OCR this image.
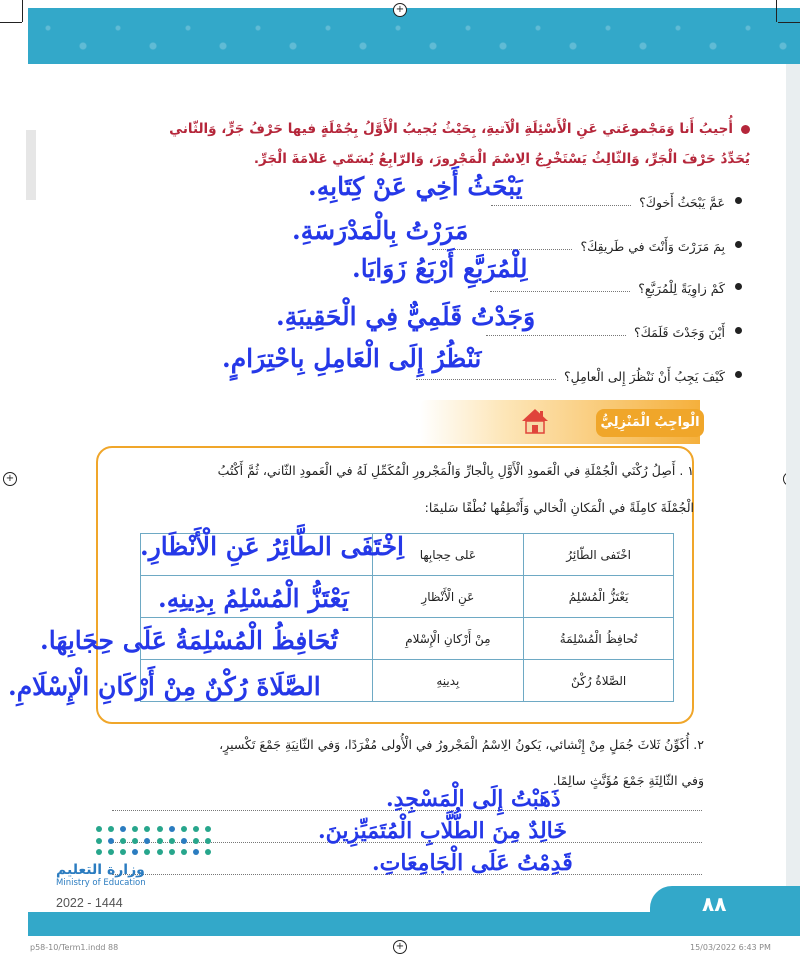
+
+
+
أُجيبُ أَنا وَمَجْموعَتي عَنِ الْأَسْئِلَةِ الْآتيةِ، بِحَيْثُ يُجيبُ الْأَوَّلُ بِجُمْلَةٍ فيها حَرْفُ جَرٍّ، وَالثّاني
يُحَدِّدُ حَرْفَ الْجَرِّ، وَالثّالِثُ يَسْتَخْرِجُ الِاسْمَ الْمَجْرورَ، وَالرّابِعُ يُسَمّي عَلامَةَ الْجَرِّ.
عَمَّ يَبْحَثُ أَخوكَ؟
بِمَ مَرَرْتَ وَأَنْتَ في طَريقِكَ؟
كَمْ زاوِيَةً لِلْمُرَبَّعِ؟
أَيْنَ وَجَدْتَ قَلَمَكَ؟
كَيْفَ يَجِبُ أَنْ نَنْظُرَ إِلى الْعامِلِ؟
يَبْحَثُ أَخِي عَنْ كِتَابِهِ.
مَرَرْتُ بِالْمَدْرَسَةِ.
لِلْمُرَبَّعِ أَرْبَعُ زَوَايَا.
وَجَدْتُ قَلَمِيٌّ فِي الْحَقِيبَةِ.
نَنْظُرُ إِلَى الْعَامِلِ بِاحْتِرَامٍ.
الْواجِبُ الْمَنْزِلِيُّ
١ . أَصِلُ رُكْنَي الْجُمْلَةِ في الْعَمودِ الْأَوَّلِ بِالْجارِّ وَالْمَجْرورِ الْمُكَمِّلِ لَهُ في الْعَمودِ الثّاني، ثُمَّ أَكْتُبُ
الْجُمْلَةَ كامِلَةً في الْمَكانِ الْخالي وَأَنْطِقُها نُطْقًا سَليمًا:
اخْتَفى الطّائِرُ	عَلى حِجابِها	
يَعْتَزُّ الْمُسْلِمُ	عَنِ الْأَنْظارِ	
تُحافِظُ الْمُسْلِمَةُ	مِنْ أَرْكانِ الْإِسْلامِ	
الصَّلاةُ رُكْنٌ	بِدينِهِ	
اِخْتَفَى الطَّائِرُ عَنِ الْأَنْظَارِ.
يَعْتَزُّ الْمُسْلِمُ بِدِينِهِ.
تُحَافِظُ الْمُسْلِمَةُ عَلَى حِجَابِهَا.
الصَّلَاةَ رُكْنٌ مِنْ أَرْكَانِ الْإِسْلَامِ.
٢. أُكَوِّنُ ثَلاثَ جُمَلٍ مِنْ إِنْشائي، يَكونُ الِاسْمُ الْمَجْرورُ في الْأُولى مُفْرَدًا، وَفي الثّانِيَةِ جَمْعَ تَكْسيرٍ،
وَفي الثّالِثَةِ جَمْعَ مُؤَنَّثٍ سالِمًا.
ذَهَبْتُ إِلَى الْمَسْجِدِ.
خَالِدٌ مِنَ الطُّلَّابِ الْمُتَمَيِّزِينَ.
قَدِمْتُ عَلَى الْجَامِعَاتِ.
وزارة التعليم
Ministry of Education
2022 - 1444	٨٨
p58-10/Term1.indd 88	15/03/2022 6:43 PM
